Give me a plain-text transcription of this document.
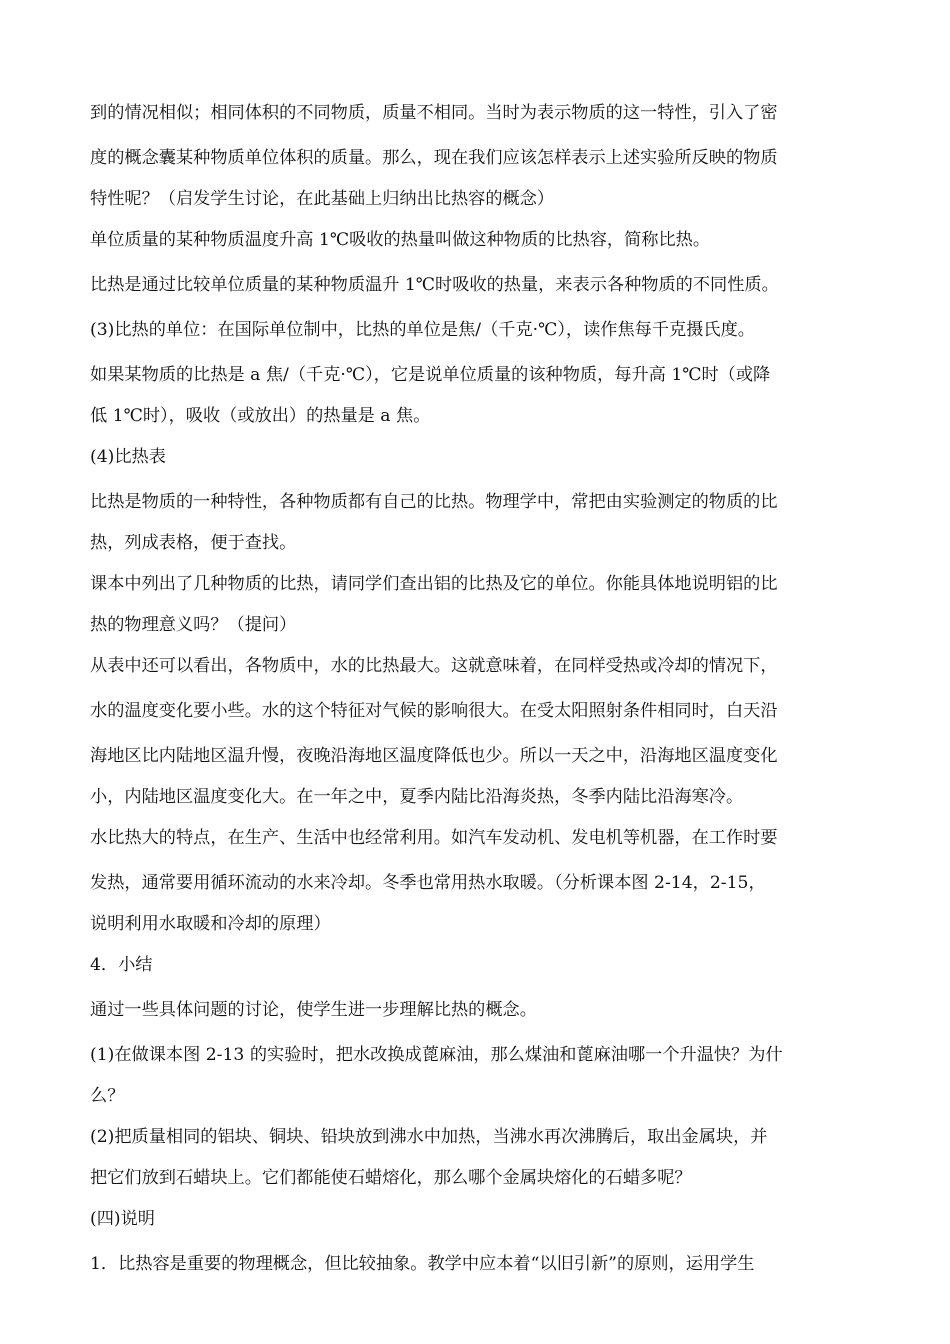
到的情况相似；相同体积的不同物质，质量不相同。当时为表示物质的这一特性，引入了密

度的概念囊某种物质单位体积的质量。那么，现在我们应该怎样表示上述实验所反映的物质

特性呢？（启发学生讨论，在此基础上归纳出比热容的概念）

单位质量的某种物质温度升高 1℃吸收的热量叫做这种物质的比热容，简称比热。

比热是通过比较单位质量的某种物质温升 1℃时吸收的热量，来表示各种物质的不同性质。

(3)比热的单位：在国际单位制中，比热的单位是焦/（千克·℃），读作焦每千克摄氏度。

如果某物质的比热是 a 焦/（千克·℃），它是说单位质量的该种物质，每升高 1℃时（或降

低 1℃时），吸收（或放出）的热量是 a 焦。

(4)比热表

比热是物质的一种特性，各种物质都有自己的比热。物理学中，常把由实验测定的物质的比

热，列成表格，便于查找。

课本中列出了几种物质的比热，请同学们查出铝的比热及它的单位。你能具体地说明铝的比

热的物理意义吗？（提问）

从表中还可以看出，各物质中，水的比热最大。这就意味着，在同样受热或冷却的情况下，

水的温度变化要小些。水的这个特征对气候的影响很大。在受太阳照射条件相同时，白天沿

海地区比内陆地区温升慢，夜晚沿海地区温度降低也少。所以一天之中，沿海地区温度变化

小，内陆地区温度变化大。在一年之中，夏季内陆比沿海炎热，冬季内陆比沿海寒冷。

水比热大的特点，在生产、生活中也经常利用。如汽车发动机、发电机等机器，在工作时要

发热，通常要用循环流动的水来冷却。冬季也常用热水取暖。（分析课本图 2-14，2-15，

说明利用水取暖和冷却的原理）

4．小结

通过一些具体问题的讨论，使学生进一步理解比热的概念。

(1)在做课本图 2-13 的实验时，把水改换成蓖麻油，那么煤油和蓖麻油哪一个升温快？为什

么？

(2)把质量相同的铝块、铜块、铅块放到沸水中加热，当沸水再次沸腾后，取出金属块，并

把它们放到石蜡块上。它们都能使石蜡熔化，那么哪个金属块熔化的石蜡多呢？

(四)说明

1．比热容是重要的物理概念，但比较抽象。教学中应本着“以旧引新”的原则，运用学生
